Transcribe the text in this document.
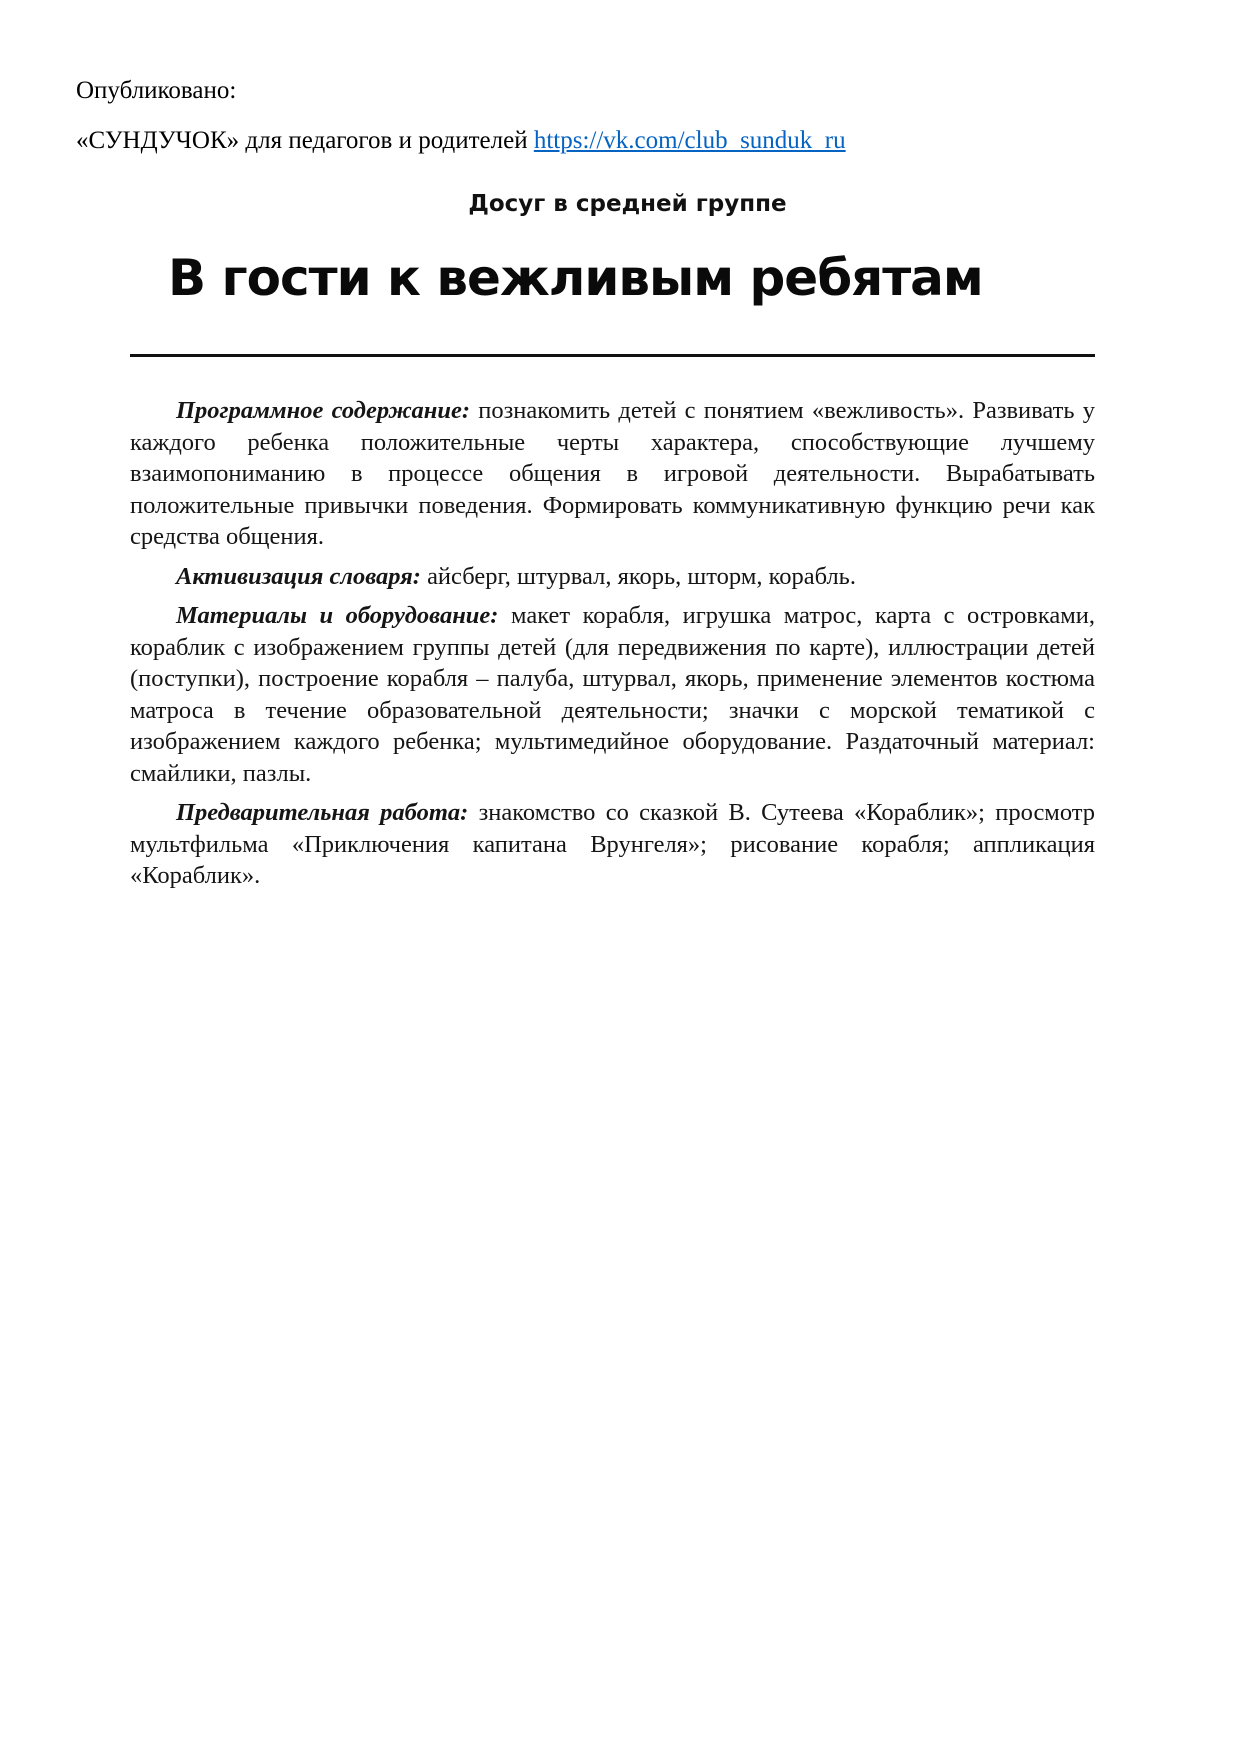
Опубликовано:

«СУНДУЧОК» для педагогов и родителей https://vk.com/club_sunduk_ru

Досуг в средней группе
В гости к вежливым ребятам

Программное содержание: познакомить детей с понятием «вежливость». Развивать у каждого ребенка положительные черты характера, способствующие лучшему взаимопониманию в процессе общения в игровой деятельности. Вырабатывать положительные привычки поведения. Формировать коммуникативную функцию речи как средства общения.

Активизация словаря: айсберг, штурвал, якорь, шторм, корабль.

Материалы и оборудование: макет корабля, игрушка матрос, карта с островками, кораблик с изображением группы детей (для передвижения по карте), иллюстрации детей (поступки), построение корабля – палуба, штурвал, якорь, применение элементов костюма матроса в течение образовательной деятельности; значки с морской тематикой с изображением каждого ребенка; мультимедийное оборудование. Раздаточный материал: смайлики, пазлы.

Предварительная работа: знакомство со сказкой В. Сутеева «Кораблик»; просмотр мультфильма «Приключения капитана Врунгеля»; рисование корабля; аппликация «Кораблик».
